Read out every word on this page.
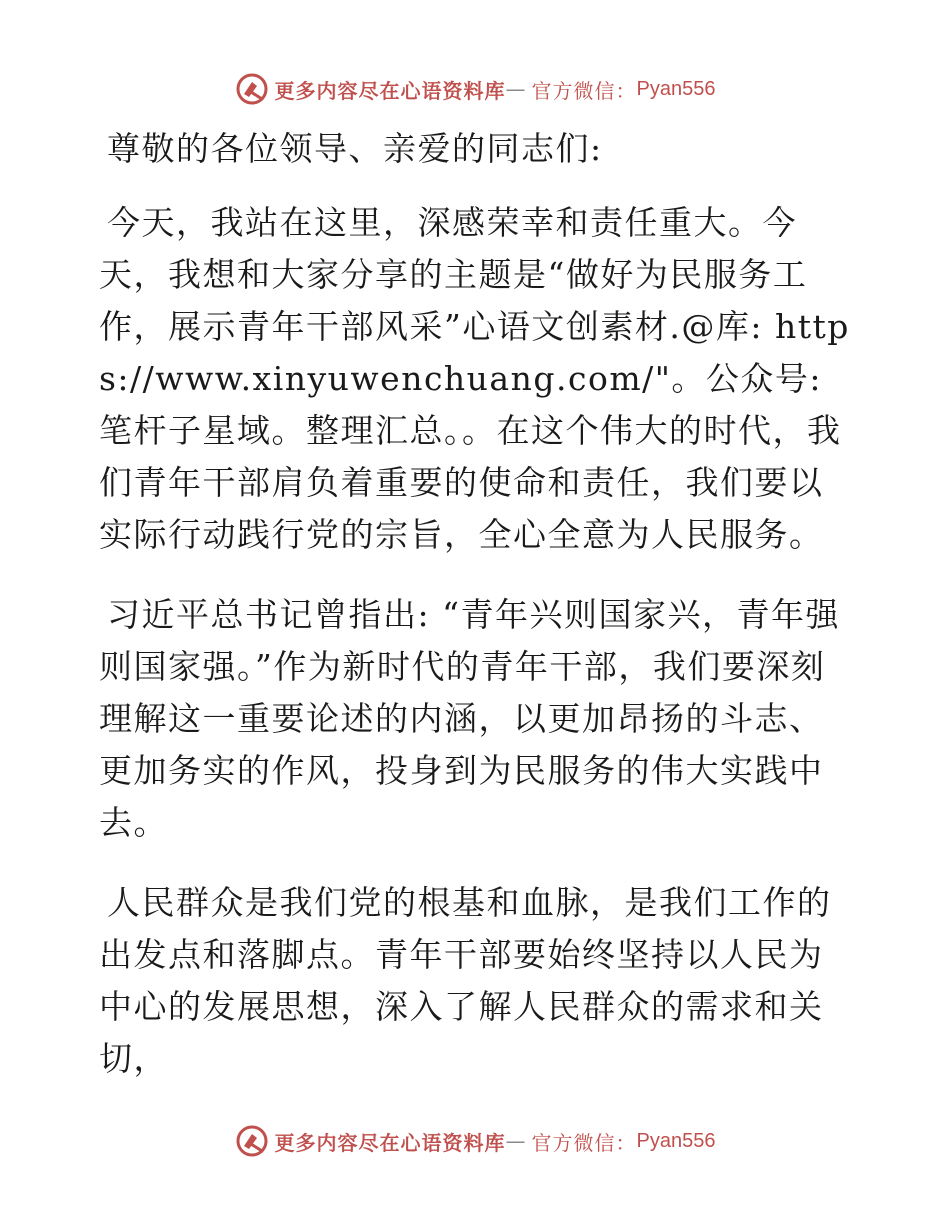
更多内容尽在心语资料库 — 官方微信： Pyan556

尊敬的各位领导、亲爱的同志们:

今天，我站在这里，深感荣幸和责任重大。今天，我想和大家分享的主题是“做好为民服务工作，展示青年干部风采”心语文创素材.@库: https://www.xinyuwenchuang.com/"。公众号: 笔杆子星域。整理汇总。。在这个伟大的时代，我们青年干部肩负着重要的使命和责任，我们要以实际行动践行党的宗旨，全心全意为人民服务。

习近平总书记曾指出: “青年兴则国家兴，青年强则国家强。”作为新时代的青年干部，我们要深刻理解这一重要论述的内涵，以更加昂扬的斗志、更加务实的作风，投身到为民服务的伟大实践中去。

人民群众是我们党的根基和血脉，是我们工作的出发点和落脚点。青年干部要始终坚持以人民为中心的发展思想，深入了解人民群众的需求和关切，

更多内容尽在心语资料库 — 官方微信： Pyan556
